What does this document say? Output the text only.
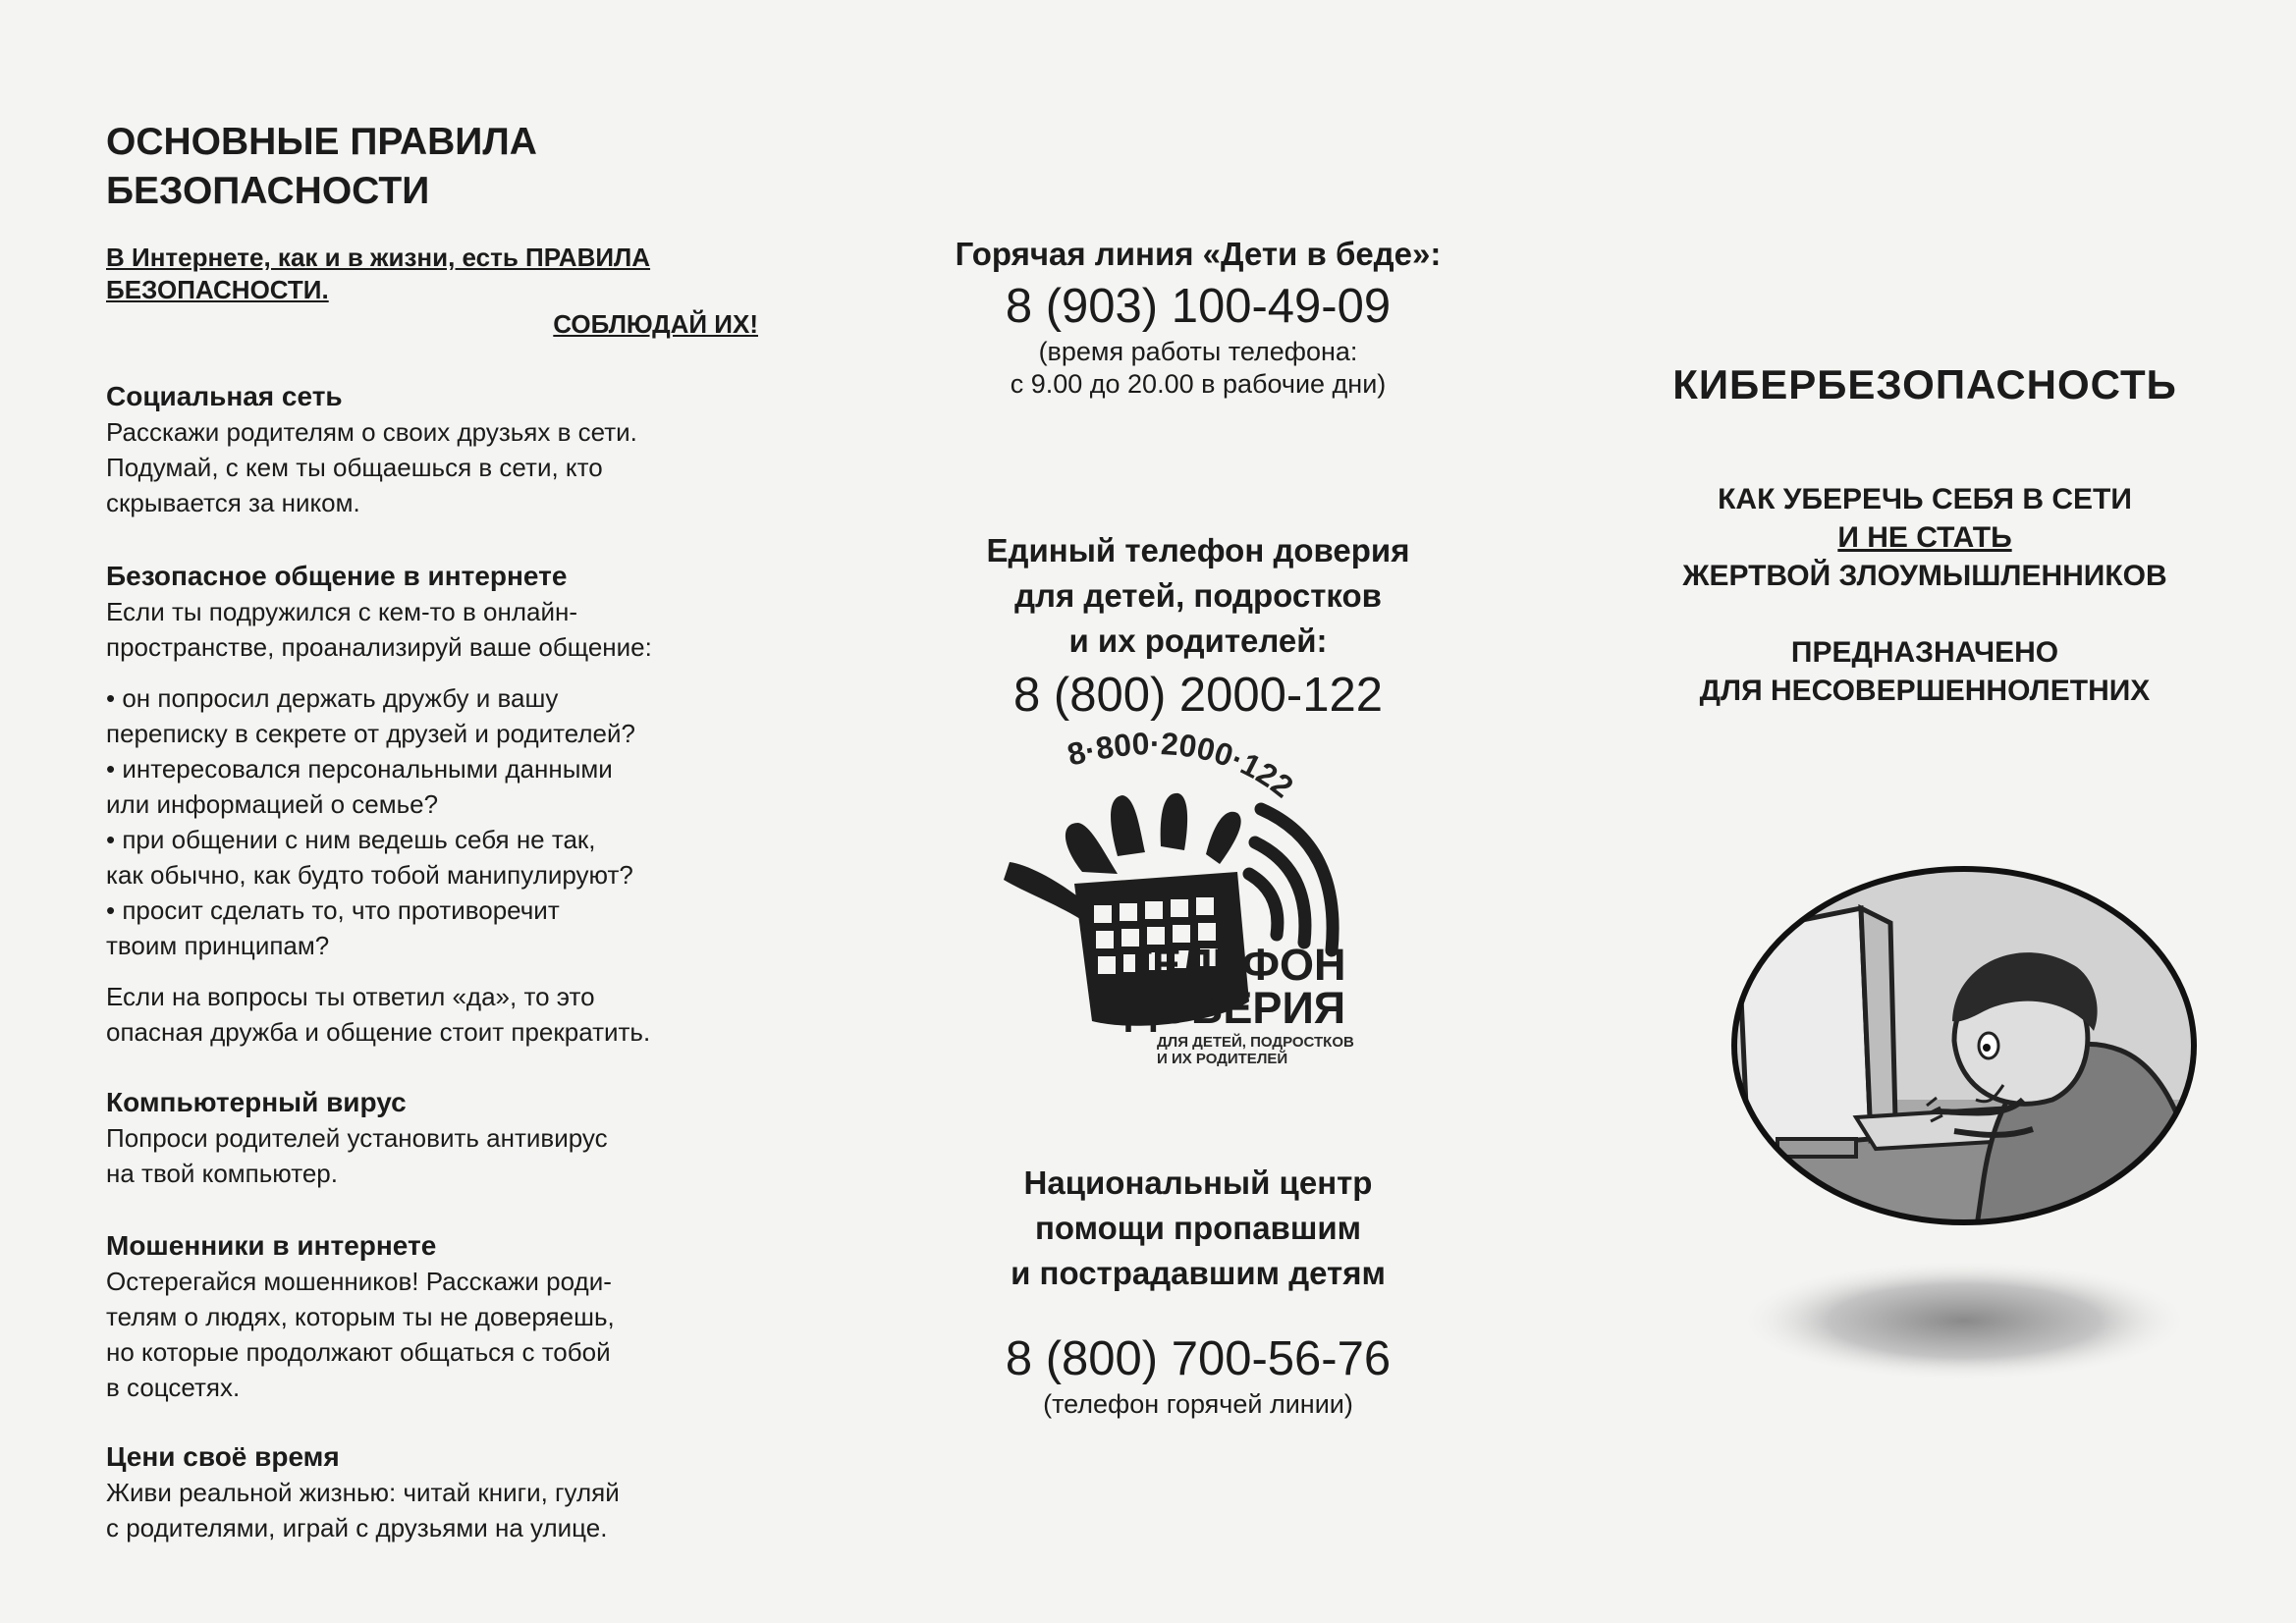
ОСНОВНЫЕ ПРАВИЛА
БЕЗОПАСНОСТИ
В Интернете, как и в жизни, есть ПРАВИЛА
БЕЗОПАСНОСТИ.
СОБЛЮДАЙ ИХ!
Социальная сеть

Расскажи родителям о своих друзьях в сети.
Подумай, с кем ты общаешься в сети, кто
скрывается за ником.

Безопасное общение в интернете

Если ты подружился с кем-то в онлайн-
пространстве, проанализируй ваше общение:

• он попросил держать дружбу и вашу
переписку в секрете от друзей и родителей?
• интересовался персональными данными
или информацией о семье?
• при общении с ним ведешь себя не так,
как обычно, как будто тобой манипулируют?
• просит сделать то, что противоречит
твоим принципам?

Если на вопросы ты ответил «да», то это
опасная дружба и общение стоит прекратить.

Компьютерный вирус

Попроси родителей установить антивирус
на твой компьютер.

Мошенники в интернете

Остерегайся мошенников! Расскажи роди-
телям о людях, которым ты не доверяешь,
но которые продолжают общаться с тобой
в соцсетях.

Цени своё время

Живи реальной жизнью: читай книги, гуляй
с родителями, играй с друзьями на улице.

Горячая линия «Дети в беде»:
8 (903) 100-49-09
(время работы телефона:
с 9.00 до 20.00 в рабочие дни)
Единый телефон доверия
для детей, подростков
и их родителей:
8 (800) 2000-122
8·800·2000·122
ТЕЛЕФОН
ДОВЕРИЯ
ДЛЯ ДЕТЕЙ, ПОДРОСТКОВ
И ИХ РОДИТЕЛЕЙ
Национальный центр
помощи пропавшим
и пострадавшим детям
8 (800) 700-56-76
(телефон горячей линии)
КИБЕРБЕЗОПАСНОСТЬ
КАК УБЕРЕЧЬ СЕБЯ В СЕТИ
И НЕ СТАТЬ
ЖЕРТВОЙ ЗЛОУМЫШЛЕННИКОВ
ПРЕДНАЗНАЧЕНО
ДЛЯ НЕСОВЕРШЕННОЛЕТНИХ
